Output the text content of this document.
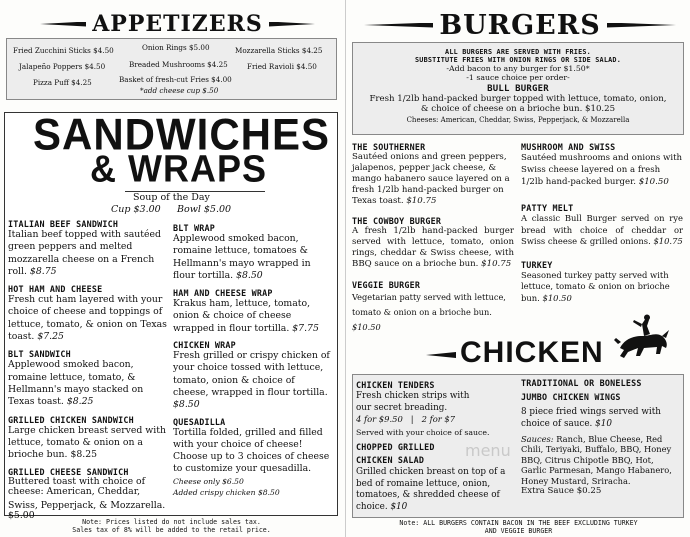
APPETIZERS
Fried Zucchini Sticks $4.50	Onion Rings $5.00	Mozzarella Sticks $4.25
Jalapeño Poppers $4.50	Breaded Mushrooms $4.25	Fried Ravioli $4.50
Pizza Puff $4.25	Basket of fresh-cut Fries $4.00
*add cheese cup $.50
SANDWICHES
& WRAPS
Soup of the Day
Cup $3.00 Bowl $5.00
ITALIAN BEEF SANDWICH
Italian beef topped with sautéed green peppers and melted mozzarella cheese on a French roll. $8.75
HOT HAM AND CHEESE
Fresh cut ham layered with your choice of cheese and toppings of lettuce, tomato, & onion on Texas toast. $7.25
BLT SANDWICH
Applewood smoked bacon, romaine lettuce, tomato, & Hellmann's mayo stacked on Texas toast. $8.25
GRILLED CHICKEN SANDWICH
Large chicken breast served with lettuce, tomato & onion on a brioche bun. $8.25
GRILLED CHEESE SANDWICH
Buttered toast with choice of cheese: American, Cheddar,
Swiss, Pepperjack, & Mozzarella.
$5.00
BLT WRAP
Applewood smoked bacon, romaine lettuce, tomatoes & Hellmann's mayo wrapped in flour tortilla. $8.50
HAM AND CHEESE WRAP
Krakus ham, lettuce, tomato, onion & choice of cheese wrapped in flour tortilla. $7.75
CHICKEN WRAP
Fresh grilled or crispy chicken of your choice tossed with lettuce, tomato, onion & choice of cheese, wrapped in flour tortilla. $8.50
QUESADILLA
Tortilla folded, grilled and filled with your choice of cheese! Choose up to 3 choices of cheese to customize your quesadilla.
Cheese only $6.50
Added crispy chicken $8.50
Note: Prices listed do not include sales tax.
Sales tax of 8% will be added to the retail price.
BURGERS
ALL BURGERS ARE SERVED WITH FRIES.
SUBSTITUTE FRIES WITH ONION RINGS OR SIDE SALAD.
-Add bacon to any burger for $1.50*
-1 sauce choice per order-
BULL BURGER
Fresh 1/2lb hand-packed burger topped with lettuce, tomato, onion, & choice of cheese on a brioche bun. $10.25
Cheeses: American, Cheddar, Swiss, Pepperjack, & Mozzarella
THE SOUTHERNER
Sautéed onions and green peppers, jalapenos, pepper jack cheese, & mango habanero sauce layered on a fresh 1/2lb hand-packed burger on Texas toast. $10.75
THE COWBOY BURGER
A fresh 1/2lb hand-packed burger served with lettuce, tomato, onion rings, cheddar & Swiss cheese, with BBQ sauce on a brioche bun. $10.75
VEGGIE BURGER
Vegetarian patty served with lettuce, tomato & onion on a brioche bun. $10.50
MUSHROOM AND SWISS
Sautéed mushrooms and onions with Swiss cheese layered on a fresh 1/2lb hand-packed burger. $10.50
PATTY MELT
A classic Bull Burger served on rye bread with choice of cheddar or Swiss cheese & grilled onions. $10.75
TURKEY
Seasoned turkey patty served with lettuce, tomato & onion on brioche bun. $10.50
CHICKEN
CHICKEN TENDERS
Fresh chicken strips with our secret breading.
4 for $9.50   |   2 for $7
Served with your choice of sauce.
CHOPPED GRILLED
CHICKEN SALAD
Grilled chicken breast on top of a bed of romaine lettuce, onion, tomatoes, & shredded cheese of choice. $10
menu
TRADITIONAL OR BONELESS
JUMBO CHICKEN WINGS
8 piece fried wings served with choice of sauce. $10
Sauces: Ranch, Blue Cheese, Red Chili, Teriyaki, Buffalo, BBQ, Honey BBQ, Citrus Chipotle BBQ, Hot, Garlic Parmesan, Mango Habanero, Honey Mustard, Sriracha.
Extra Sauce $0.25
Note: ALL BURGERS CONTAIN BACON IN THE BEEF EXCLUDING TURKEY
AND VEGGIE BURGER
